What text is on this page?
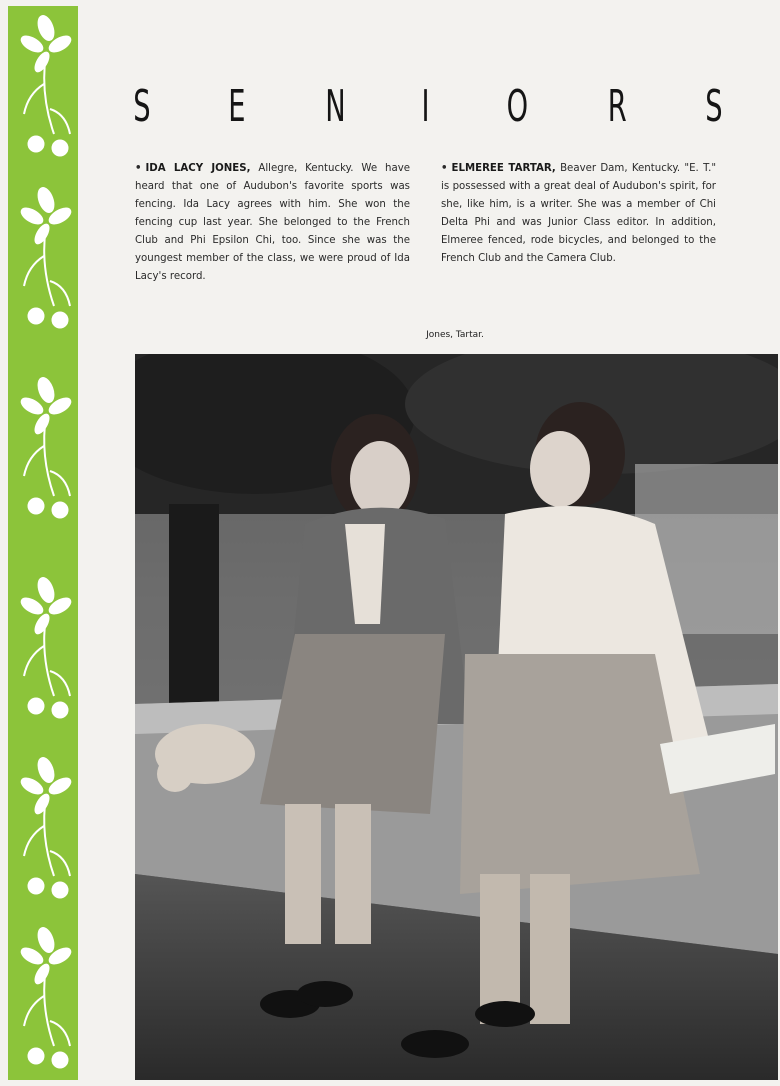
S E N I O R S
• IDA LACY JONES, Allegre, Kentucky. We have heard that one of Audubon's favorite sports was fencing. Ida Lacy agrees with him. She won the fencing cup last year. She belonged to the French Club and Phi Epsilon Chi, too. Since she was the youngest member of the class, we were proud of Ida Lacy's record.
• ELMEREE TARTAR, Beaver Dam, Kentucky. "E. T." is possessed with a great deal of Audubon's spirit, for she, like him, is a writer. She was a member of Chi Delta Phi and was Junior Class editor. In addition, Elmeree fenced, rode bicycles, and belonged to the French Club and the Camera Club.
Jones, Tartar.
